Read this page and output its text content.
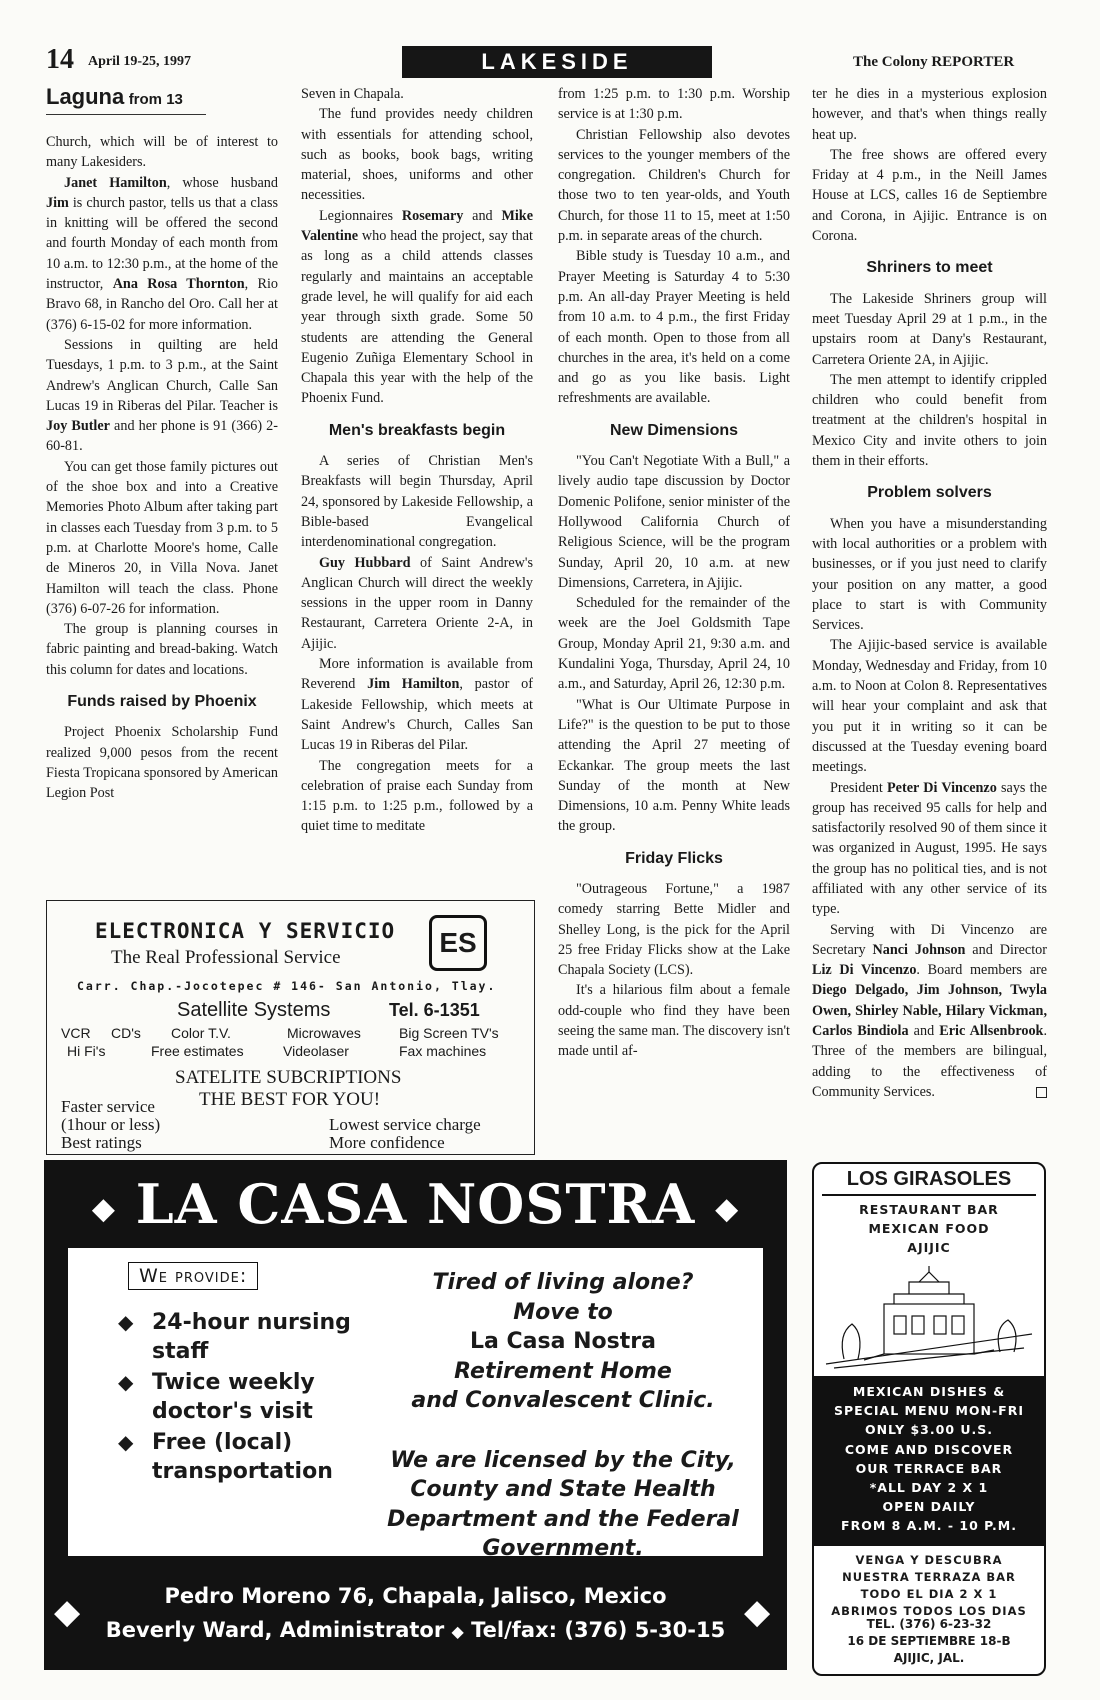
14 April 19-25, 1997	LAKESIDE	The Colony REPORTER
Laguna from 13

Church, which will be of interest to many Lakesiders.

Janet Hamilton, whose husband Jim is church pastor, tells us that a class in knitting will be offered the second and fourth Monday of each month from 10 a.m. to 12:30 p.m., at the home of the instructor, Ana Rosa Thornton, Rio Bravo 68, in Rancho del Oro. Call her at (376) 6-15-02 for more information.

Sessions in quilting are held Tuesdays, 1 p.m. to 3 p.m., at the Saint Andrew's Anglican Church, Calle San Lucas 19 in Riberas del Pilar. Teacher is Joy Butler and her phone is 91 (366) 2-60-81.

You can get those family pictures out of the shoe box and into a Creative Memories Photo Album after taking part in classes each Tuesday from 3 p.m. to 5 p.m. at Charlotte Moore's home, Calle de Mineros 20, in Villa Nova. Janet Hamilton will teach the class. Phone (376) 6-07-26 for information.

The group is planning courses in fabric painting and bread-baking. Watch this column for dates and locations.

Funds raised by Phoenix

Project Phoenix Scholarship Fund realized 9,000 pesos from the recent Fiesta Tropicana sponsored by American Legion Post

Seven in Chapala.

The fund provides needy children with essentials for attending school, such as books, book bags, writing material, shoes, uniforms and other necessities.

Legionnaires Rosemary and Mike Valentine who head the project, say that as long as a child attends classes regularly and maintains an acceptable grade level, he will qualify for aid each year through sixth grade. Some 50 students are attending the General Eugenio Zuñiga Elementary School in Chapala this year with the help of the Phoenix Fund.

Men's breakfasts begin

A series of Christian Men's Breakfasts will begin Thursday, April 24, sponsored by Lakeside Fellowship, a Bible-based Evangelical interdenominational congregation.

Guy Hubbard of Saint Andrew's Anglican Church will direct the weekly sessions in the upper room in Danny Restaurant, Carretera Oriente 2-A, in Ajijic.

More information is available from Reverend Jim Hamilton, pastor of Lakeside Fellowship, which meets at Saint Andrew's Church, Calles San Lucas 19 in Riberas del Pilar.

The congregation meets for a celebration of praise each Sunday from 1:15 p.m. to 1:25 p.m., followed by a quiet time to meditate

from 1:25 p.m. to 1:30 p.m. Worship service is at 1:30 p.m.

Christian Fellowship also devotes services to the younger members of the congregation. Children's Church for those two to ten year-olds, and Youth Church, for those 11 to 15, meet at 1:50 p.m. in separate areas of the church.

Bible study is Tuesday 10 a.m., and Prayer Meeting is Saturday 4 to 5:30 p.m. An all-day Prayer Meeting is held from 10 a.m. to 4 p.m., the first Friday of each month. Open to those from all churches in the area, it's held on a come and go as you like basis. Light refreshments are available.

New Dimensions

"You Can't Negotiate With a Bull," a lively audio tape discussion by Doctor Domenic Polifone, senior minister of the Hollywood California Church of Religious Science, will be the program Sunday, April 20, 10 a.m. at new Dimensions, Carretera, in Ajijic.

Scheduled for the remainder of the week are the Joel Goldsmith Tape Group, Monday April 21, 9:30 a.m. and Kundalini Yoga, Thursday, April 24, 10 a.m., and Saturday, April 26, 12:30 p.m.

"What is Our Ultimate Purpose in Life?" is the question to be put to those attending the April 27 meeting of Eckankar. The group meets the last Sunday of the month at New Dimensions, 10 a.m. Penny White leads the group.

Friday Flicks

"Outrageous Fortune," a 1987 comedy starring Bette Midler and Shelley Long, is the pick for the April 25 free Friday Flicks show at the Lake Chapala Society (LCS).

It's a hilarious film about a female odd-couple who find they have been seeing the same man. The discovery isn't made until af-

ter he dies in a mysterious explosion however, and that's when things really heat up.

The free shows are offered every Friday at 4 p.m., in the Neill James House at LCS, calles 16 de Septiembre and Corona, in Ajijic. Entrance is on Corona.

Shriners to meet

The Lakeside Shriners group will meet Tuesday April 29 at 1 p.m., in the upstairs room at Dany's Restaurant, Carretera Oriente 2A, in Ajijic.

The men attempt to identify crippled children who could benefit from treatment at the children's hospital in Mexico City and invite others to join them in their efforts.

Problem solvers

When you have a misunderstanding with local authorities or a problem with businesses, or if you just need to clarify your position on any matter, a good place to start is with Community Services.

The Ajijic-based service is available Monday, Wednesday and Friday, from 10 a.m. to Noon at Colon 8. Representatives will hear your complaint and ask that you put it in writing so it can be discussed at the Tuesday evening board meetings.

President Peter Di Vincenzo says the group has received 95 calls for help and satisfactorily resolved 90 of them since it was organized in August, 1995. He says the group has no political ties, and is not affiliated with any other service of its type.

Serving with Di Vincenzo are Secretary Nanci Johnson and Director Liz Di Vincenzo. Board members are Diego Delgado, Jim Johnson, Twyla Owen, Shirley Nable, Hilary Vickman, Carlos Bindiola and Eric Allsenbrook. Three of the members are bilingual, adding to the effectiveness of Community Services.

ELECTRONICA Y SERVICIO	ES
The Real Professional Service
Carr. Chap.-Jocotepec # 146- San Antonio, Tlay.
Satellite Systems	Tel. 6-1351
VCR CD's Color T.V.	Microwaves	Big Screen TV's
Hi Fi's	Free estimates	Videolaser	Fax machines
SATELITE SUBCRIPTIONS
THE BEST FOR YOU!
Faster service
(1hour or less)
Best ratings
Lowest service charge
More confidence
◆ LA CASA NOSTRA ◆
We provide:
◆ 24-hour nursing staff
◆ Twice weekly doctor's visit
◆ Free (local) transportation
Tired of living alone?
Move to
La Casa Nostra
Retirement Home
and Convalescent Clinic.
We are licensed by the City, County and State Health Department and the Federal Government.
Pedro Moreno 76, Chapala, Jalisco, Mexico
Beverly Ward, Administrator ◆ Tel/fax: (376) 5-30-15
◆	◆
LOS GIRASOLES
RESTAURANT BAR
MEXICAN FOOD
AJIJIC
MEXICAN DISHES &
SPECIAL MENU MON-FRI
ONLY $3.00 U.S.
COME AND DISCOVER
OUR TERRACE BAR
*ALL DAY 2 X 1
OPEN DAILY
FROM 8 A.M. - 10 P.M.
VENGA Y DESCUBRA
NUESTRA TERRAZA BAR
TODO EL DIA 2 X 1
ABRIMOS TODOS LOS DIAS
TEL. (376) 6-23-32
16 DE SEPTIEMBRE 18-B
AJIJIC, JAL.
